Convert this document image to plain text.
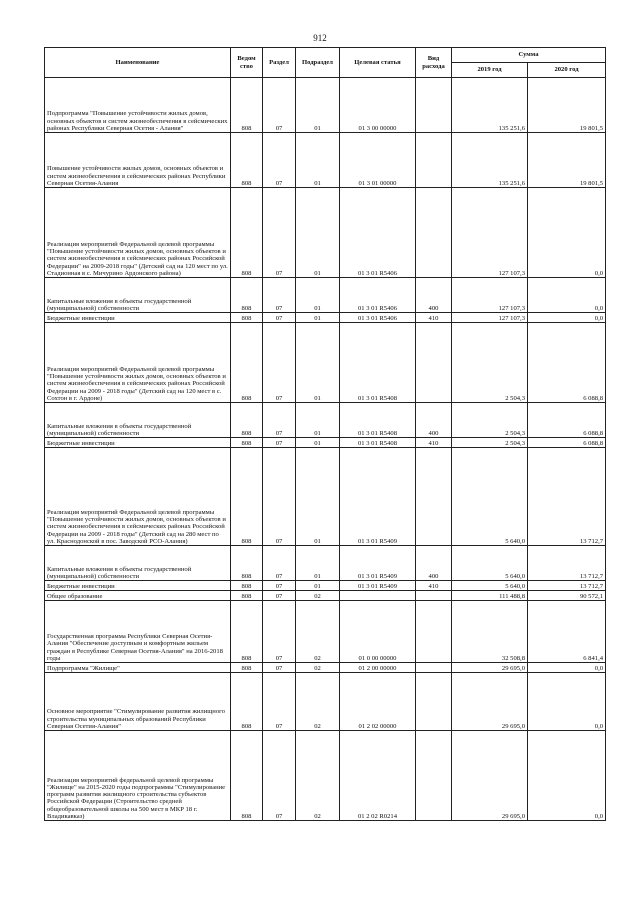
912
Наименование	Ведом ство	Раздел	Подраздел	Целевая статья	Вид расхода	Сумма	
						2019 год	2020 год
Подпрограмма "Повышение устойчивости жилых домов, основных объектов и систем жизнеобеспечения в сейсмических районах Республики Северная Осетия - Алания"	808	07	01	01 3 00 00000		135 251,6	19 801,5
Повышение устойчивости жилых домов, основных объектов и систем жизнеобеспечения в сейсмических районах Республики Северная Осетия-Алания	808	07	01	01 3 01 00000		135 251,6	19 801,5
Реализация мероприятий Федеральной целевой программы "Повышение устойчивости жилых домов, основных объектов и систем жизнеобеспечения в сейсмических районах Российской Федерации" на 2009-2018 годы" (Детский сад на 120 мест по ул. Стадионная в с. Мичурино Ардонского района)	808	07	01	01 3 01 R5406		127 107,3	0,0
Капитальные вложения в объекты государственной (муниципальной) собственности	808	07	01	01 3 01 R5406	400	127 107,3	0,0
Бюджетные инвестиции	808	07	01	01 3 01 R5406	410	127 107,3	0,0
Реализация мероприятий Федеральной целевой программы "Повышение устойчивости жилых домов, основных объектов и систем жизнеобеспечения в сейсмических районах Российской Федерации на 2009 - 2018 годы" (Детский сад на 120 мест в с. Сохтон в г. Ардоне)	808	07	01	01 3 01 R5408		2 504,3	6 088,8
Капитальные вложения в объекты государственной (муниципальной) собственности	808	07	01	01 3 01 R5408	400	2 504,3	6 088,8
Бюджетные инвестиции	808	07	01	01 3 01 R5408	410	2 504,3	6 088,8
Реализация мероприятий Федеральной целевой программы "Повышение устойчивости жилых домов, основных объектов и систем жизнеобеспечения в сейсмических районах Российской Федерации на 2009 - 2018 годы" (Детский сад на 280 мест по ул. Краснодонской в пос. Заводской РСО-Алания)	808	07	01	01 3 01 R5409		5 640,0	13 712,7
Капитальные вложения в объекты государственной (муниципальной) собственности	808	07	01	01 3 01 R5409	400	5 640,0	13 712,7
Бюджетные инвестиции	808	07	01	01 3 01 R5409	410	5 640,0	13 712,7
Общее образование	808	07	02			111 488,8	90 572,1
Государственная программа Республики Северная Осетия-Алания "Обеспечение доступным и комфортным жильем граждан в Республике Северная Осетия-Алания" на 2016-2018 годы	808	07	02	01 0 00 00000		32 508,8	6 841,4
Подпрограмма "Жилище"	808	07	02	01 2 00 00000		29 695,0	0,0
Основное мероприятие "Стимулирование развития жилищного строительства муниципальных образований Республики Северная Осетия-Алания"	808	07	02	01 2 02 00000		29 695,0	0,0
Реализация мероприятий федеральной целевой программы "Жилище" на 2015-2020 годы подпрограммы "Стимулирование программ развития жилищного строительства субъектов Российской Федерации (Строительство средней общеобразовательной школы на 500 мест в МКР 18 г. Владикавказ)	808	07	02	01 2 02 R0214		29 695,0	0,0
